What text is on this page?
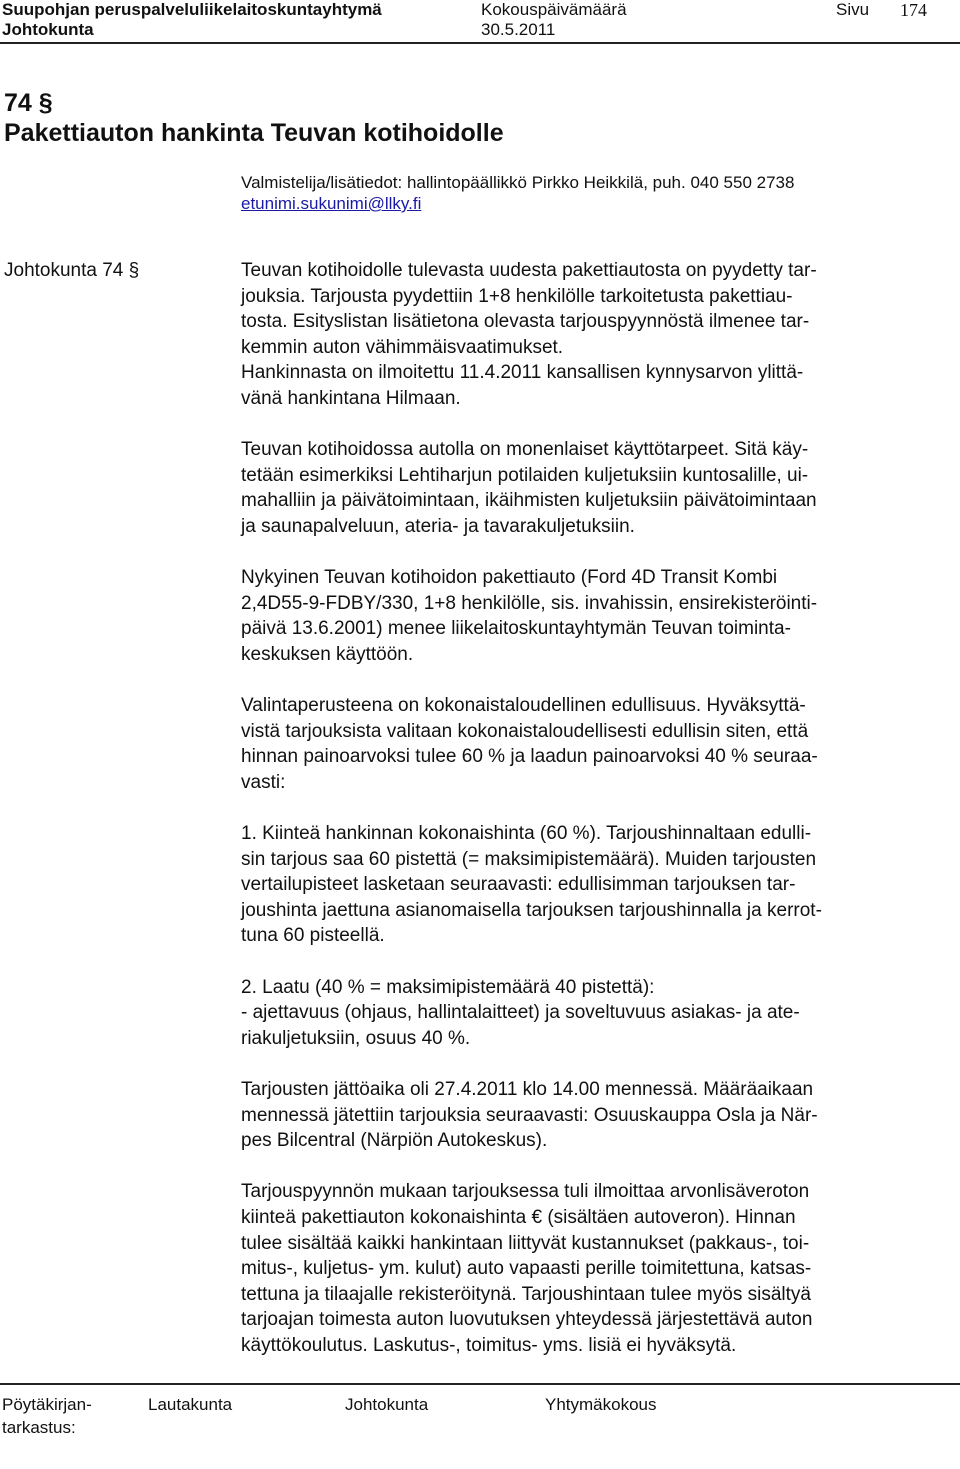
Suupohjan peruspalveluliikelaitoskuntayhtymä
Johtokunta
Kokouspäivämäärä
30.5.2011
Sivu 174
74 §
Pakettiauton hankinta Teuvan kotihoidolle
Valmistelija/lisätiedot: hallintopäällikkö Pirkko Heikkilä, puh. 040 550 2738
etunimi.sukunimi@llky.fi
Johtokunta 74 §	Teuvan kotihoidolle tulevasta uudesta pakettiautosta on pyydetty tar-
jouksia. Tarjousta pyydettiin 1+8 henkilölle tarkoitetusta pakettiau-
tosta. Esityslistan lisätietona olevasta tarjouspyynnöstä ilmenee tar-
kemmin auton vähimmäisvaatimukset.
Hankinnasta on ilmoitettu 11.4.2011 kansallisen kynnysarvon ylittä-
vänä hankintana Hilmaan.
Teuvan kotihoidossa autolla on monenlaiset käyttötarpeet. Sitä käy-
tetään esimerkiksi Lehtiharjun potilaiden kuljetuksiin kuntosalille, ui-
mahalliin ja päivätoimintaan, ikäihmisten kuljetuksiin päivätoimintaan
ja saunapalveluun, ateria- ja tavarakuljetuksiin.
Nykyinen Teuvan kotihoidon pakettiauto (Ford 4D Transit Kombi
2,4D55-9-FDBY/330, 1+8 henkilölle, sis. invahissin, ensirekisteröinti-
päivä 13.6.2001) menee liikelaitoskuntayhtymän Teuvan toiminta-
keskuksen käyttöön.
Valintaperusteena on kokonaistaloudellinen edullisuus. Hyväksyttä-
vistä tarjouksista valitaan kokonaistaloudellisesti edullisin siten, että
hinnan painoarvoksi tulee 60 % ja laadun painoarvoksi 40 % seuraa-
vasti:
1. Kiinteä hankinnan kokonaishinta (60 %). Tarjoushinnaltaan edulli-
sin tarjous saa 60 pistettä (= maksimipistemäärä). Muiden tarjousten
vertailupisteet lasketaan seuraavasti: edullisimman tarjouksen tar-
joushinta jaettuna asianomaisella tarjouksen tarjoushinnalla ja kerrot-
tuna 60 pisteellä.
2. Laatu (40 % = maksimipistemäärä 40 pistettä):
- ajettavuus (ohjaus, hallintalaitteet) ja soveltuvuus asiakas- ja ate-
riakuljetuksiin, osuus 40 %.
Tarjousten jättöaika oli 27.4.2011 klo 14.00 mennessä. Määräaikaan
mennessä jätettiin tarjouksia seuraavasti: Osuuskauppa Osla ja När-
pes Bilcentral (Närpiön Autokeskus).
Tarjouspyynnön mukaan tarjouksessa tuli ilmoittaa arvonlisäveroton
kiinteä pakettiauton kokonaishinta € (sisältäen autoveron). Hinnan
tulee sisältää kaikki hankintaan liittyvät kustannukset (pakkaus-, toi-
mitus-, kuljetus- ym. kulut) auto vapaasti perille toimitettuna, katsas-
tettuna ja tilaajalle rekisteröitynä. Tarjoushintaan tulee myös sisältyä
tarjoajan toimesta auton luovutuksen yhteydessä järjestettävä auton
käyttökoulutus. Laskutus-, toimitus- yms. lisiä ei hyväksytä.
Pöytäkirjan-
tarkastus:
Lautakunta	Johtokunta	Yhtymäkokous
